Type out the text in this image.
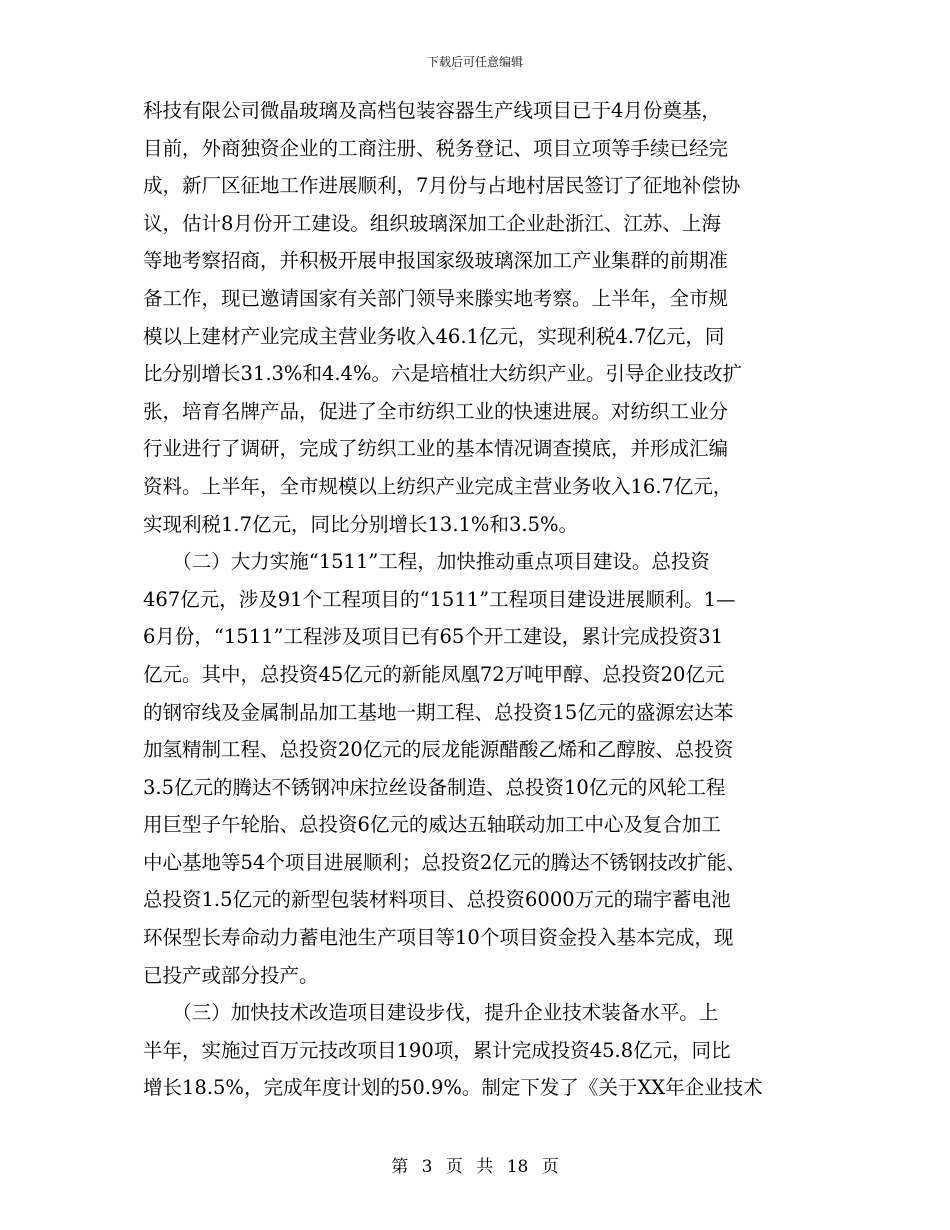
下载后可任意编辑
科技有限公司微晶玻璃及高档包装容器生产线项目已于4月份奠基，
目前，外商独资企业的工商注册、税务登记、项目立项等手续已经完
成，新厂区征地工作进展顺利，7月份与占地村居民签订了征地补偿协
议，估计8月份开工建设。组织玻璃深加工企业赴浙江、江苏、上海
等地考察招商，并积极开展申报国家级玻璃深加工产业集群的前期准
备工作，现已邀请国家有关部门领导来滕实地考察。上半年，全市规
模以上建材产业完成主营业务收入46.1亿元，实现利税4.7亿元，同
比分别增长31.3%和4.4%。六是培植壮大纺织产业。引导企业技改扩
张，培育名牌产品，促进了全市纺织工业的快速进展。对纺织工业分
行业进行了调研，完成了纺织工业的基本情况调查摸底，并形成汇编
资料。上半年，全市规模以上纺织产业完成主营业务收入16.7亿元，
实现利税1.7亿元，同比分别增长13.1%和3.5%。
　　（二）大力实施“1511”工程，加快推动重点项目建设。总投资
467亿元，涉及91个工程项目的“1511”工程项目建设进展顺利。1—
6月份，“1511”工程涉及项目已有65个开工建设，累计完成投资31
亿元。其中，总投资45亿元的新能凤凰72万吨甲醇、总投资20亿元
的钢帘线及金属制品加工基地一期工程、总投资15亿元的盛源宏达苯
加氢精制工程、总投资20亿元的辰龙能源醋酸乙烯和乙醇胺、总投资
3.5亿元的腾达不锈钢冲床拉丝设备制造、总投资10亿元的风轮工程
用巨型子午轮胎、总投资6亿元的威达五轴联动加工中心及复合加工
中心基地等54个项目进展顺利；总投资2亿元的腾达不锈钢技改扩能、
总投资1.5亿元的新型包装材料项目、总投资6000万元的瑞宇蓄电池
环保型长寿命动力蓄电池生产项目等10个项目资金投入基本完成，现
已投产或部分投产。
　　（三）加快技术改造项目建设步伐，提升企业技术装备水平。上
半年，实施过百万元技改项目190项，累计完成投资45.8亿元，同比
增长18.5%，完成年度计划的50.9%。制定下发了《关于XX年企业技术
第 3 页 共 18 页
